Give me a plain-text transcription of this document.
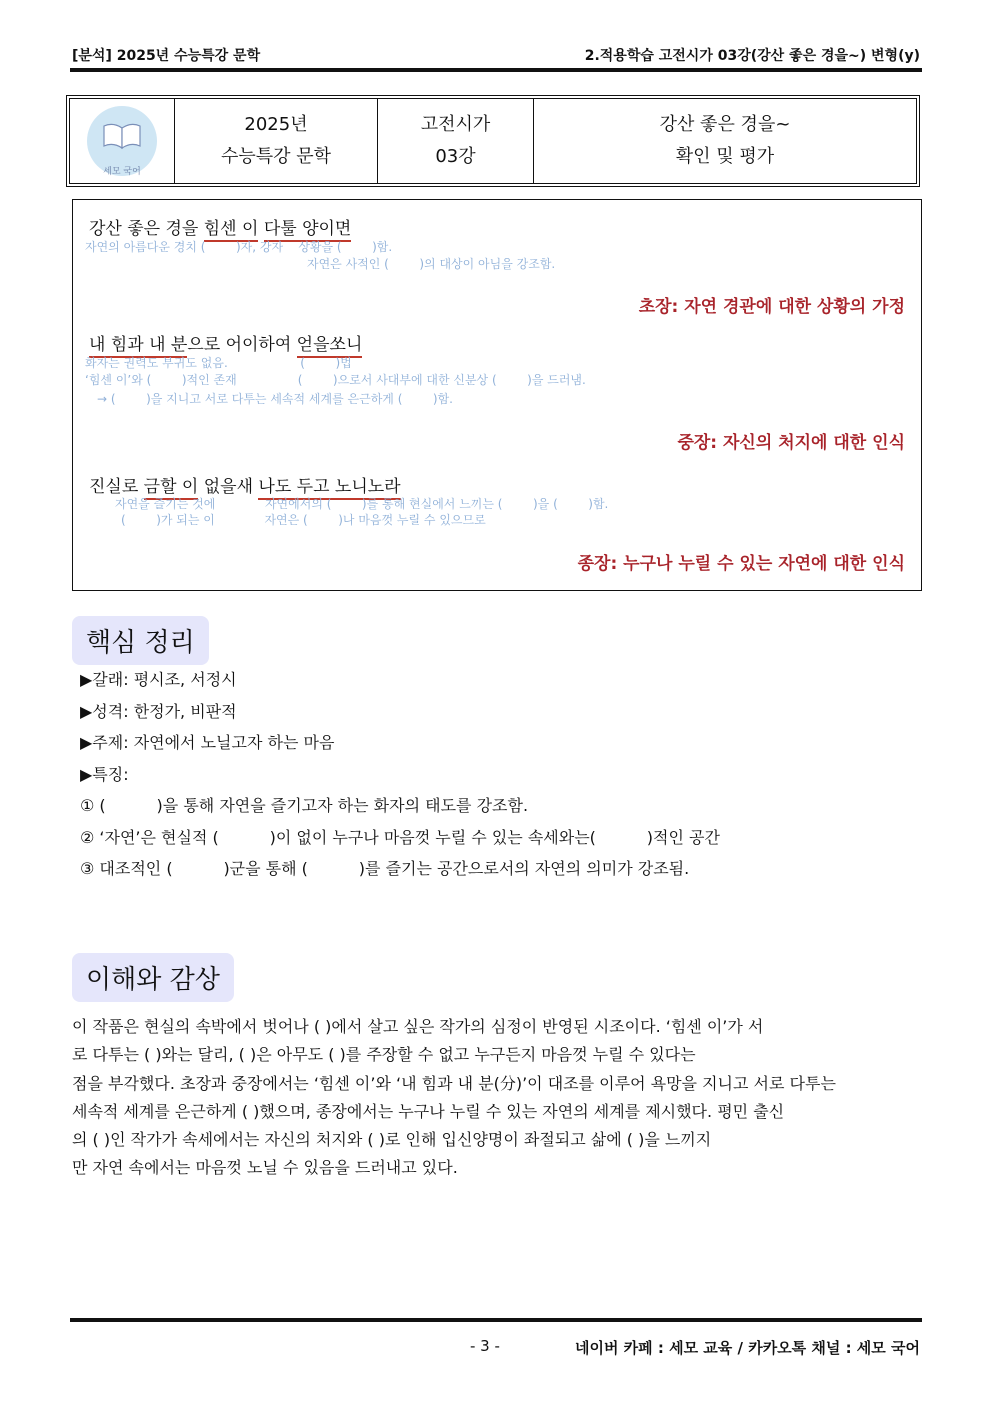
[분석] 2025년 수능특강 문학	2.적용학습 고전시가 03강(강산 좋은 경을~) 변형(y)
세모 국어

2025년
수능특강 문학

고전시가
03강

강산 좋은 경을~
확인 및 평가
강산 좋은 경을 힘센 이 다툴 양이면
자연의 아름다운 경치 (        )자, 강자    상황을 (        )함.
자연은 사적인 (        )의 대상이 아님을 강조함.
초장: 자연 경관에 대한 상황의 가정
내 힘과 내 분으로 어이하여 얻을쏘니
화자는 권력도 부귀도 없음.                   (        )법
‘힘센 이’와 (        )적인 존재                (        )으로서 사대부에 대한 신분상 (        )을 드러냄.
→ (        )을 지니고 서로 다투는 세속적 세계를 은근하게 (        )함.
중장: 자신의 처지에 대한 인식
진실로 금할 이 없을새 나도 두고 노니노라
자연을 즐기는 것에             자연에서의 (        )를 통해 현실에서 느끼는 (        )을 (        )함.
(        )가 되는 이             자연은 (        )나 마음껏 누릴 수 있으므로
종장: 누구나 누릴 수 있는 자연에 대한 인식
핵심 정리
▶갈래: 평시조, 서정시
▶성격: 한정가, 비판적
▶주제: 자연에서 노닐고자 하는 마음
▶특징:
① (          )을 통해 자연을 즐기고자 하는 화자의 태도를 강조함.
② ‘자연’은 현실적 (          )이 없이 누구나 마음껏 누릴 수 있는 속세와는(          )적인 공간
③ 대조적인 (          )군을 통해 (          )를 즐기는 공간으로서의 자연의 의미가 강조됨.
이해와 감상
이 작품은 현실의 속박에서 벗어나 ( )에서 살고 싶은 작가의 심정이 반영된 시조이다. ‘힘센 이’가 서
로 다투는 ( )와는 달리, ( )은 아무도 ( )를 주장할 수 없고 누구든지 마음껏 누릴 수 있다는
점을 부각했다. 초장과 중장에서는 ‘힘센 이’와 ‘내 힘과 내 분(分)’이 대조를 이루어 욕망을 지니고 서로 다투는
세속적 세계를 은근하게 ( )했으며, 종장에서는 누구나 누릴 수 있는 자연의 세계를 제시했다. 평민 출신
의 ( )인 작가가 속세에서는 자신의 처지와 ( )로 인해 입신양명이 좌절되고 삶에 ( )을 느끼지
만 자연 속에서는 마음껏 노닐 수 있음을 드러내고 있다.
- 3 -	네이버 카페 : 세모 교육 / 카카오톡 채널 : 세모 국어
